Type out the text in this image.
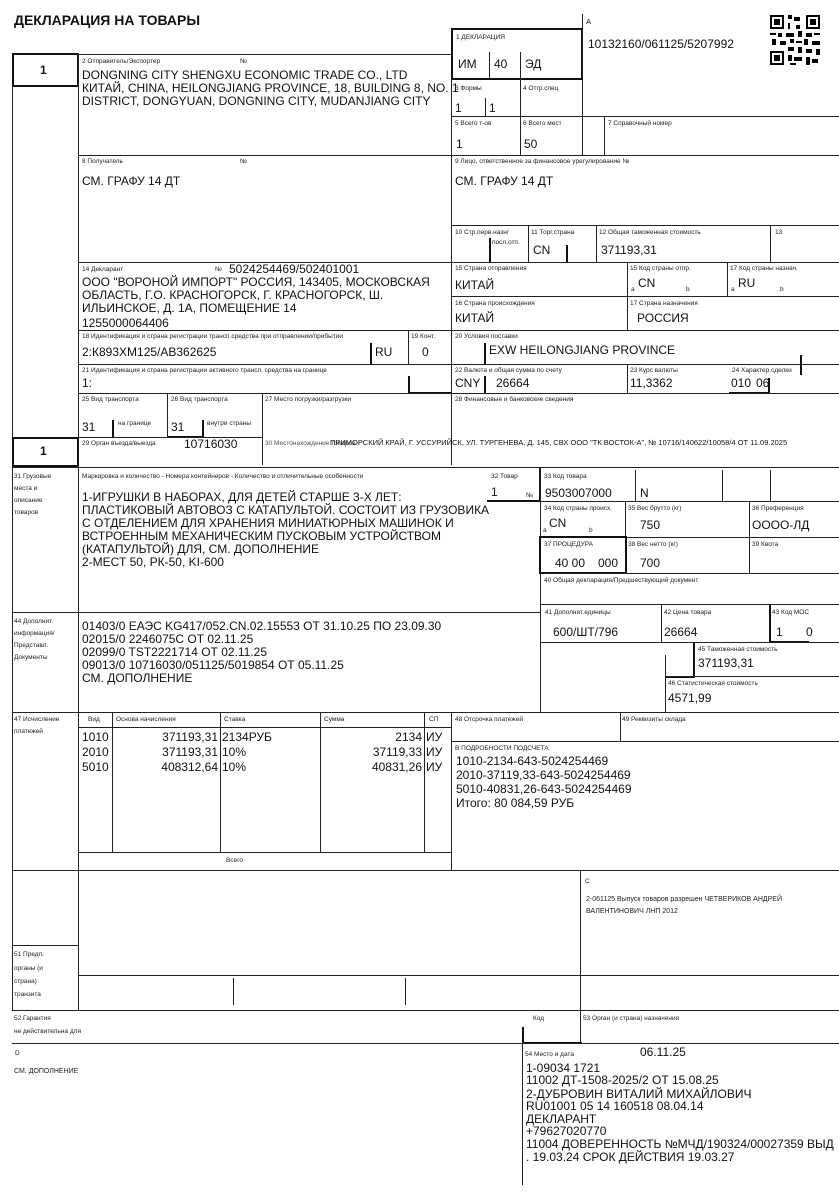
ДЕКЛАРАЦИЯ НА ТОВАРЫ
1
A
10132160/061125/5207992
1 ДЕКЛАРАЦИЯ
ИМ 40 ЭД
2 Отправитель/Экспортер	№
DONGNING CITY SHENGXU ECONOMIC TRADE CO., LTD
КИТАЙ, CHINA, HEILONGJIANG PROVINCE, 18, BUILDING 8, NO. 1
DISTRICT, DONGYUAN, DONGNING CITY, MUDANJIANG CITY
3 Формы
1 1
4 Отгр.спец
5 Всего т-ов
1
6 Всего мест
50
7 Справочный номер
8 Получатель	№
СМ. ГРАФУ 14 ДТ
9 Лицо, ответственное за финансовое урегулирование №
СМ. ГРАФУ 14 ДТ
10 Стр.перв.назн/
посл.отп.
11 Торг.страна
CN
12 Общая таможенная стоимость
371193,31
13
14 Декларант	№ 5024254469/502401001
ООО "ВОРОНОЙ ИМПОРТ" РОССИЯ, 143405, МОСКОВСКАЯ
ОБЛАСТЬ, Г.О. КРАСНОГОРСК, Г. КРАСНОГОРСК, Ш.
ИЛЬИНСКОЕ, Д. 1А, ПОМЕЩЕНИЕ 14
1255000064406
15 Страна отправления
КИТАЙ
15 Код страны отпр.
a CN	b
17 Код страны назнач.
a RU	b
16 Страна происхождения
КИТАЙ
17 Страна назначения
РОССИЯ
18 Идентификация и страна регистрации трансп.средства при отправлении/прибытии
2:К893ХМ125/АВ362625	RU
19 Конт.
0
20 Условия поставки
EXW HEILONGJIANG PROVINCE
21 Идентификация и страна регистрации активного трансп. средства на границе
1:
22 Валюта и общая сумма по счету
CNY 26664
23 Курс валюты
11,3362
24 Характер сделки
010 06
25 Вид транспорта
31	на границе
26 Вид транспорта
31	внутри страны
27 Место погрузки/разгрузки	28 Финансовые и банковские сведения
1
29 Орган въезда/выезда 10716030	30 Местонахождение товаров
ПРИМОРСКИЙ КРАЙ, Г. УССУРИЙСК, УЛ. ТУРГЕНЕВА, Д. 145, СВХ ООО "ТК ВОСТОК-А", № 10716/140622/10058/4 ОТ 11.09.2025
31 Грузовые
места и
описание
товаров
Маркировка и количество - Номера контейнеров - Количество и отличительные особенности
1-ИГРУШКИ В НАБОРАХ, ДЛЯ ДЕТЕЙ СТАРШЕ 3-Х ЛЕТ:
ПЛАСТИКОВЫЙ АВТОВОЗ С КАТАПУЛЬТОЙ. СОСТОИТ ИЗ ГРУЗОВИКА
С ОТДЕЛЕНИЕМ ДЛЯ ХРАНЕНИЯ МИНИАТЮРНЫХ МАШИНОК И
ВСТРОЕННЫМ МЕХАНИЧЕСКИМ ПУСКОВЫМ УСТРОЙСТВОМ
(КАТАПУЛЬТОЙ) ДЛЯ, СМ. ДОПОЛНЕНИЕ
2-МЕСТ 50, РК-50, KI-600
32 Товар
1	№
33 Код товара
9503007000 N
34 Код страны происх.
a
CN
b
35 Вес брутто (кг)
750
36 Преференция
ОООО-ЛД
37 ПРОЦЕДУРА
40 00 000
38 Вес нетто (кг)
700
39 Квота
40 Общая декларация/Предшествующий документ
41 Дополнит.единицы
600/ШТ/796
42 Цена товара
26664
43 Код МОС
1 0
44 Дополнит.
информация/
Представл.
Документы
01403/0 ЕАЭС KG417/052.CN.02.15553 ОТ 31.10.25 ПО 23.09.30
02015/0 2246075С ОТ 02.11.25
02099/0 TST2221714 ОТ 02.11.25
09013/0 10716030/051125/5019854 ОТ 05.11.25
СМ. ДОПОЛНЕНИЕ
45 Таможенная стоимость
371193,31
46 Статистическая стоимость
4571,99
47 Исчисление
платежей
Вид Основа начисления	Ставка	Сумма	СП
1010	371193,31 2134РУБ	2134 ИУ
2010	371193,31 10%	37119,33 ИУ
5010	408312,64 10%	40831,26 ИУ
Всего
48 Отсрочка платежей	49 Реквизиты склада
В ПОДРОБНОСТИ ПОДСЧЕТА
1010-2134-643-5024254469
2010-37119,33-643-5024254469
5010-40831,26-643-5024254469
Итого: 80 084,59 РУБ
C
2-061125 Выпуск товаров разрешен ЧЕТВЕРИКОВ АНДРЕЙ
ВАЛЕНТИНОВИЧ ЛНП 2012
51 Предп.
органы (и
страна)
транзита
52.Гарантия
не действительна для
Код	53 Орган (и страна) назначения
D
СМ. ДОПОЛНЕНИЕ
54 Место и дата	06.11.25
1-09034 1721
11002 ДТ-1508-2025/2 ОТ 15.08.25
2-ДУБРОВИН ВИТАЛИЙ МИХАЙЛОВИЧ
RU01001 05 14 160518 08.04.14
ДЕКЛАРАНТ
+79627020770
11004 ДОВЕРЕННОСТЬ №МЧД/190324/00027359 ВЫД
. 19.03.24 СРОК ДЕЙСТВИЯ 19.03.27
